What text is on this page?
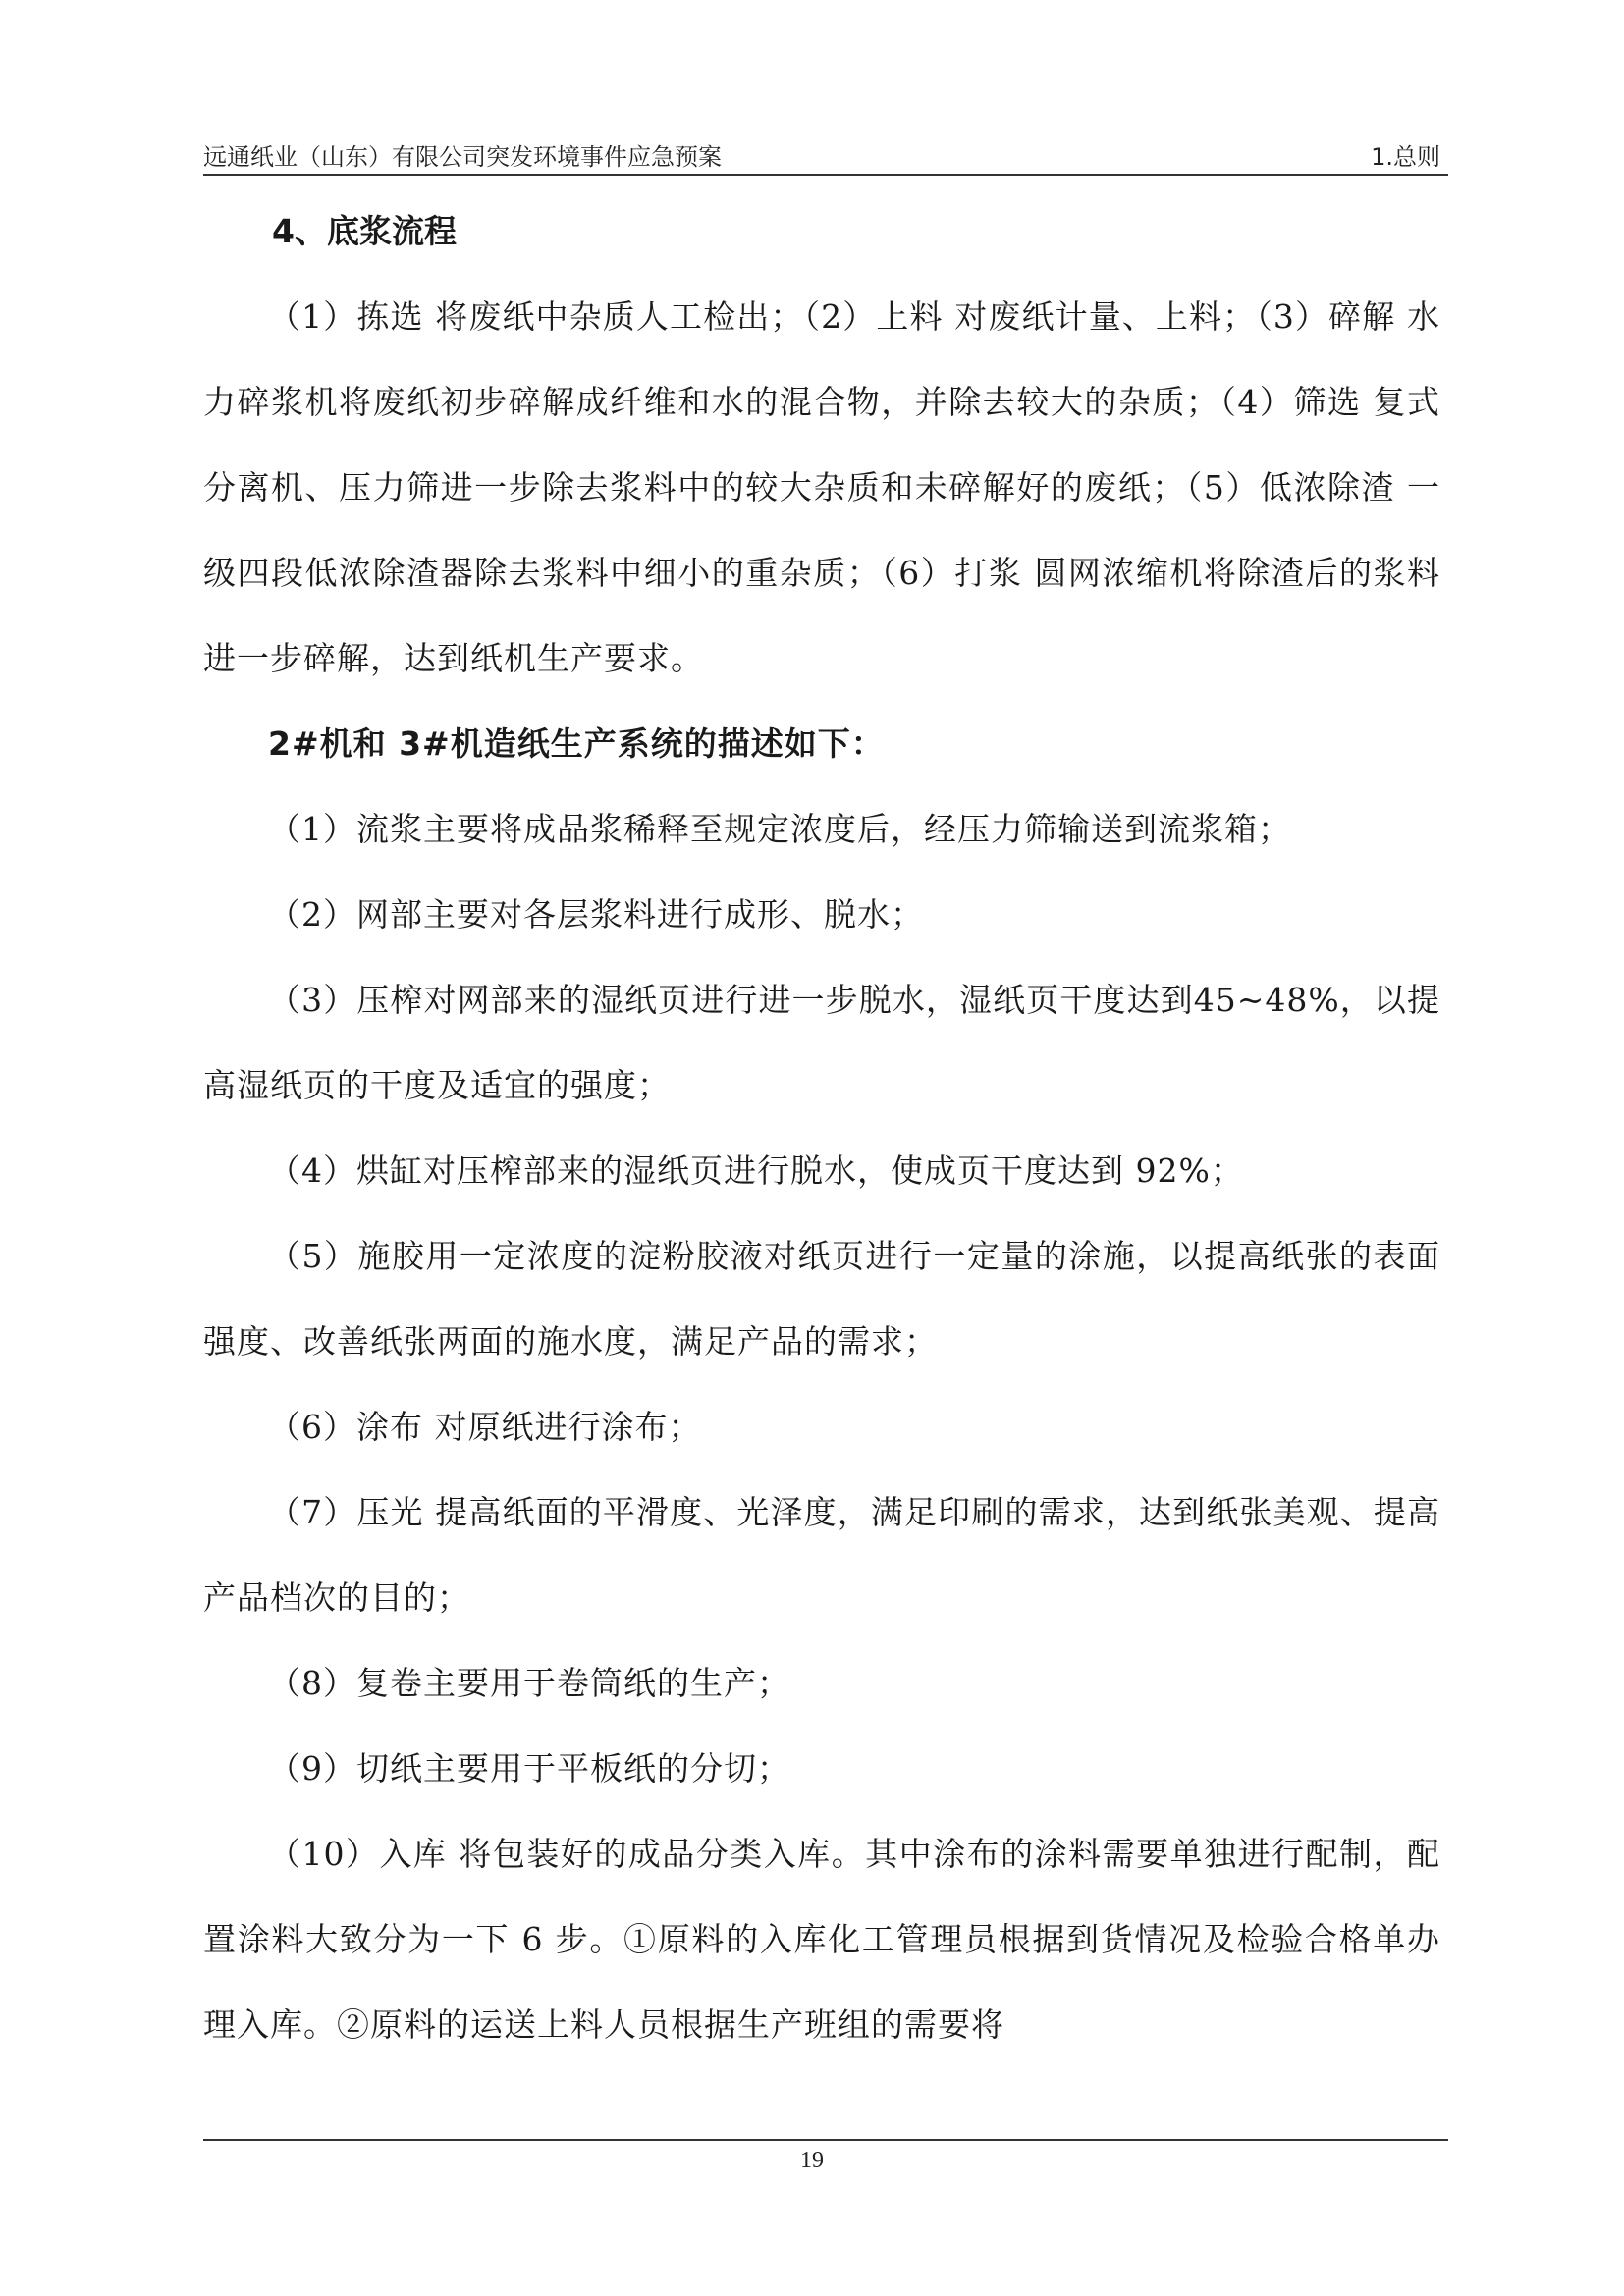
远通纸业（山东）有限公司突发环境事件应急预案	1.总则
4、底浆流程

（1）拣选 将废纸中杂质人工检出；（2）上料 对废纸计量、上料；（3）碎解 水力碎浆机将废纸初步碎解成纤维和水的混合物，并除去较大的杂质；（4）筛选 复式分离机、压力筛进一步除去浆料中的较大杂质和未碎解好的废纸；（5）低浓除渣 一级四段低浓除渣器除去浆料中细小的重杂质；（6）打浆 圆网浓缩机将除渣后的浆料进一步碎解，达到纸机生产要求。

2#机和 3#机造纸生产系统的描述如下：

（1）流浆主要将成品浆稀释至规定浓度后，经压力筛输送到流浆箱；

（2）网部主要对各层浆料进行成形、脱水；

（3）压榨对网部来的湿纸页进行进一步脱水，湿纸页干度达到45~48%，以提高湿纸页的干度及适宜的强度；

（4）烘缸对压榨部来的湿纸页进行脱水，使成页干度达到 92%；

（5）施胶用一定浓度的淀粉胶液对纸页进行一定量的涂施，以提高纸张的表面强度、改善纸张两面的施水度，满足产品的需求；

（6）涂布 对原纸进行涂布；

（7）压光 提高纸面的平滑度、光泽度，满足印刷的需求，达到纸张美观、提高产品档次的目的；

（8）复卷主要用于卷筒纸的生产；

（9）切纸主要用于平板纸的分切；

（10）入库 将包装好的成品分类入库。其中涂布的涂料需要单独进行配制，配置涂料大致分为一下 6 步。①原料的入库化工管理员根据到货情况及检验合格单办理入库。②原料的运送上料人员根据生产班组的需要将

19
